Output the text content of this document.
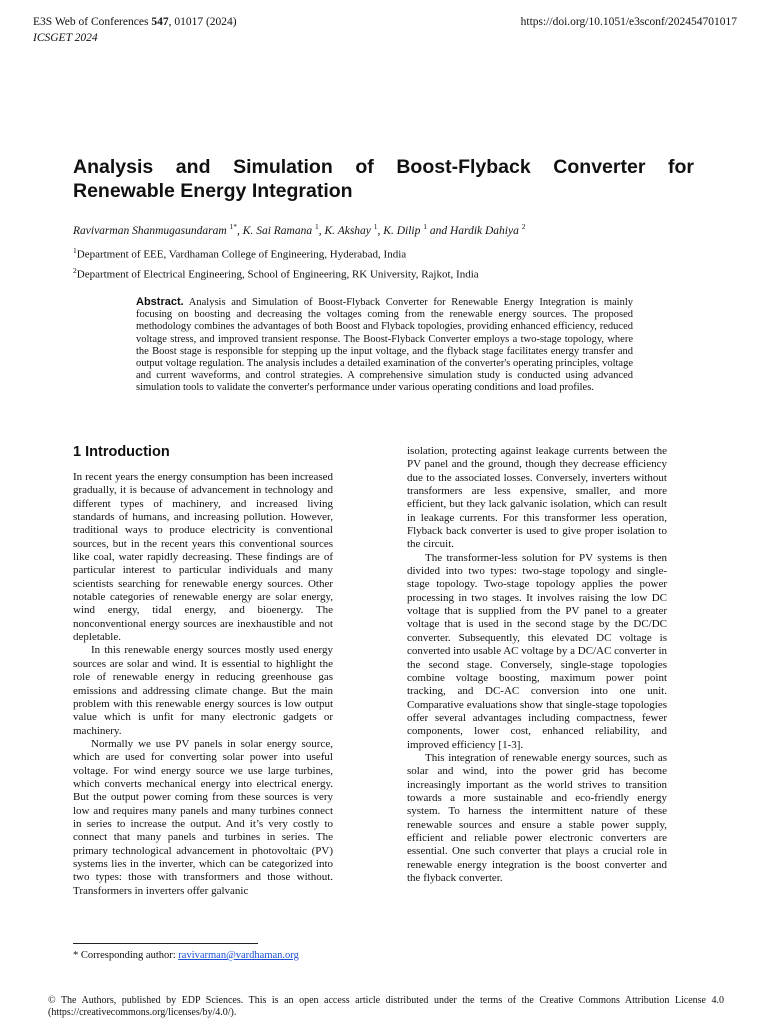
E3S Web of Conferences 547, 01017 (2024)
ICSGET 2024
https://doi.org/10.1051/e3sconf/202454701017
Analysis and Simulation of Boost-Flyback Converter for Renewable Energy Integration
Ravivarman Shanmugasundaram $^{1*}$, K. Sai Ramana $^1$, K. Akshay $^1$, K. Dilip $^1$ and Hardik Dahiya $^2$
$^1$Department of EEE, Vardhaman College of Engineering, Hyderabad, India
$^2$Department of Electrical Engineering, School of Engineering, RK University, Rajkot, India
Abstract. Analysis and Simulation of Boost-Flyback Converter for Renewable Energy Integration is mainly focusing on boosting and decreasing the voltages coming from the renewable energy sources. The proposed methodology combines the advantages of both Boost and Flyback topologies, providing enhanced efficiency, reduced voltage stress, and improved transient response. The Boost-Flyback Converter employs a two-stage topology, where the Boost stage is responsible for stepping up the input voltage, and the flyback stage facilitates energy transfer and output voltage regulation. The analysis includes a detailed examination of the converter's operating principles, voltage and current waveforms, and control strategies. A comprehensive simulation study is conducted using advanced simulation tools to validate the converter's performance under various operating conditions and load profiles.
1 Introduction

In recent years the energy consumption has been increased gradually, it is because of advancement in technology and different types of machinery, and increased living standards of humans, and increasing pollution. However, traditional ways to produce electricity is conventional sources, but in the recent years this conventional sources like coal, water rapidly decreasing. These findings are of particular interest to particular individuals and many scientists searching for renewable energy sources. Other notable categories of renewable energy are solar energy, wind energy, tidal energy, and bioenergy. The nonconventional energy sources are inexhaustible and not depletable.

In this renewable energy sources mostly used energy sources are solar and wind. It is essential to highlight the role of renewable energy in reducing greenhouse gas emissions and addressing climate change. But the main problem with this renewable energy sources is low output value which is unfit for many electronic gadgets or machinery.

Normally we use PV panels in solar energy source, which are used for converting solar power into useful voltage. For wind energy source we use large turbines, which converts mechanical energy into electrical energy. But the output power coming from these sources is very low and requires many panels and many turbines connect in series to increase the output. And it’s very costly to connect that many panels and turbines in series. The primary technological advancement in photovoltaic (PV) systems lies in the inverter, which can be categorized into two types: those with transformers and those without. Transformers in inverters offer galvanic

isolation, protecting against leakage currents between the PV panel and the ground, though they decrease efficiency due to the associated losses. Conversely, inverters without transformers are less expensive, smaller, and more efficient, but they lack galvanic isolation, which can result in leakage currents. For this transformer less operation, Flyback back converter is used to give proper isolation to the circuit.

The transformer-less solution for PV systems is then divided into two types: two-stage topology and single-stage topology. Two-stage topology applies the power processing in two stages. It involves raising the low DC voltage that is supplied from the PV panel to a greater voltage that is used in the second stage by the DC/DC converter. Subsequently, this elevated DC voltage is converted into usable AC voltage by a DC/AC converter in the second stage. Conversely, single-stage topologies combine voltage boosting, maximum power point tracking, and DC-AC conversion into one unit. Comparative evaluations show that single-stage topologies offer several advantages including compactness, fewer components, lower cost, enhanced reliability, and improved efficiency [1-3].

This integration of renewable energy sources, such as solar and wind, into the power grid has become increasingly important as the world strives to transition towards a more sustainable and eco-friendly energy system. To harness the intermittent nature of these renewable sources and ensure a stable power supply, efficient and reliable power electronic converters are essential. One such converter that plays a crucial role in renewable energy integration is the boost converter and the flyback converter.

* Corresponding author: ravivarman@vardhaman.org
© The Authors, published by EDP Sciences. This is an open access article distributed under the terms of the Creative Commons Attribution License 4.0 (https://creativecommons.org/licenses/by/4.0/).
